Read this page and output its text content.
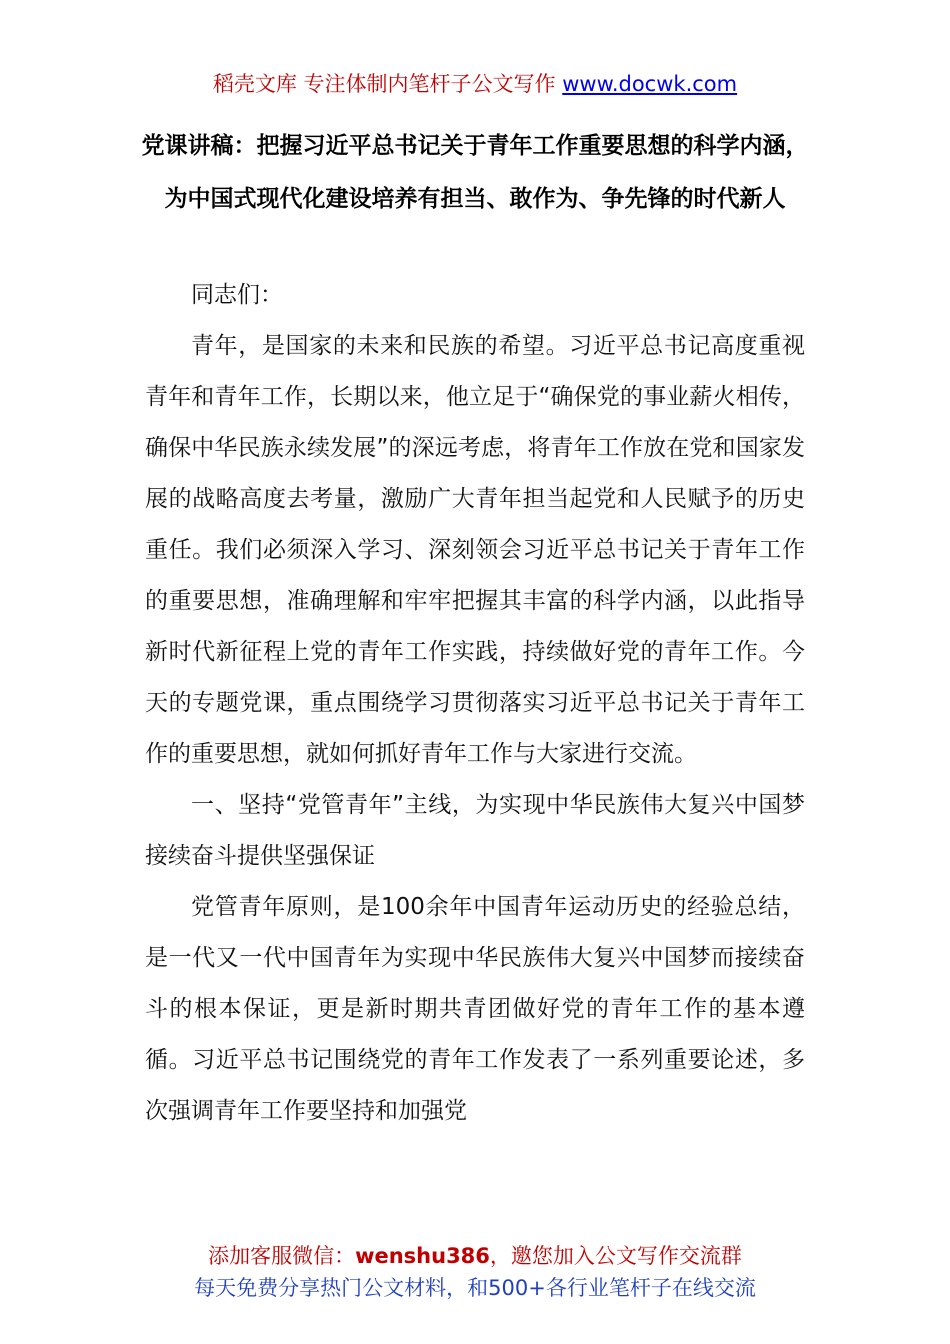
稻壳文库 专注体制内笔杆子公文写作 www.docwk.com
党课讲稿：把握习近平总书记关于青年工作重要思想的科学内涵，为中国式现代化建设培养有担当、敢作为、争先锋的时代新人

同志们：

青年，是国家的未来和民族的希望。习近平总书记高度重视青年和青年工作，长期以来，他立足于“确保党的事业薪火相传，确保中华民族永续发展”的深远考虑，将青年工作放在党和国家发展的战略高度去考量，激励广大青年担当起党和人民赋予的历史重任。我们必须深入学习、深刻领会习近平总书记关于青年工作的重要思想，准确理解和牢牢把握其丰富的科学内涵，以此指导新时代新征程上党的青年工作实践，持续做好党的青年工作。今天的专题党课，重点围绕学习贯彻落实习近平总书记关于青年工作的重要思想，就如何抓好青年工作与大家进行交流。

一、坚持“党管青年”主线，为实现中华民族伟大复兴中国梦接续奋斗提供坚强保证

党管青年原则，是100余年中国青年运动历史的经验总结，是一代又一代中国青年为实现中华民族伟大复兴中国梦而接续奋斗的根本保证，更是新时期共青团做好党的青年工作的基本遵循。习近平总书记围绕党的青年工作发表了一系列重要论述，多次强调青年工作要坚持和加强党

添加客服微信：wenshu386，邀您加入公文写作交流群
每天免费分享热门公文材料，和500+各行业笔杆子在线交流
